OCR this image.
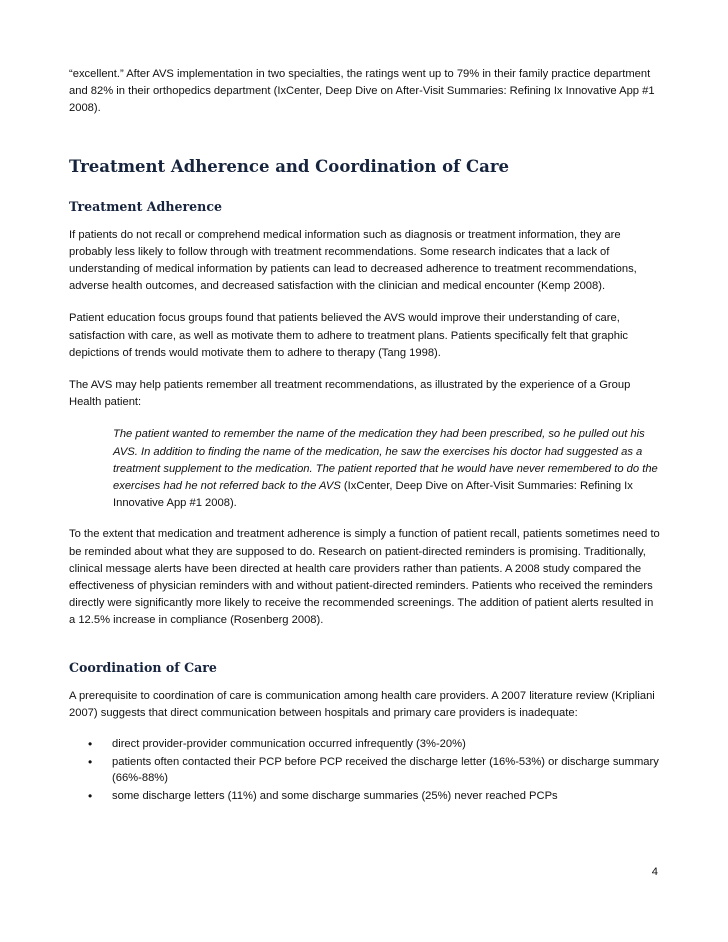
“excellent.” After AVS implementation in two specialties, the ratings went up to 79% in their family practice department and 82% in their orthopedics department (IxCenter, Deep Dive on After-Visit Summaries: Refining Ix Innovative App #1 2008).

Treatment Adherence and Coordination of Care
Treatment Adherence

If patients do not recall or comprehend medical information such as diagnosis or treatment information, they are probably less likely to follow through with treatment recommendations. Some research indicates that a lack of understanding of medical information by patients can lead to decreased adherence to treatment recommendations, adverse health outcomes, and decreased satisfaction with the clinician and medical encounter (Kemp 2008).

Patient education focus groups found that patients believed the AVS would improve their understanding of care, satisfaction with care, as well as motivate them to adhere to treatment plans. Patients specifically felt that graphic depictions of trends would motivate them to adhere to therapy (Tang 1998).

The AVS may help patients remember all treatment recommendations, as illustrated by the experience of a Group Health patient:

The patient wanted to remember the name of the medication they had been prescribed, so he pulled out his AVS. In addition to finding the name of the medication, he saw the exercises his doctor had suggested as a treatment supplement to the medication. The patient reported that he would have never remembered to do the exercises had he not referred back to the AVS (IxCenter, Deep Dive on After-Visit Summaries: Refining Ix Innovative App #1 2008).

To the extent that medication and treatment adherence is simply a function of patient recall, patients sometimes need to be reminded about what they are supposed to do. Research on patient-directed reminders is promising. Traditionally, clinical message alerts have been directed at health care providers rather than patients. A 2008 study compared the effectiveness of physician reminders with and without patient-directed reminders. Patients who received the reminders directly were significantly more likely to receive the recommended screenings. The addition of patient alerts resulted in a 12.5% increase in compliance (Rosenberg 2008).

Coordination of Care

A prerequisite to coordination of care is communication among health care providers. A 2007 literature review (Kripliani 2007) suggests that direct communication between hospitals and primary care providers is inadequate:

• direct provider-provider communication occurred infrequently (3%-20%)
• patients often contacted their PCP before PCP received the discharge letter (16%-53%) or discharge summary (66%-88%)
• some discharge letters (11%) and some discharge summaries (25%) never reached PCPs
4
